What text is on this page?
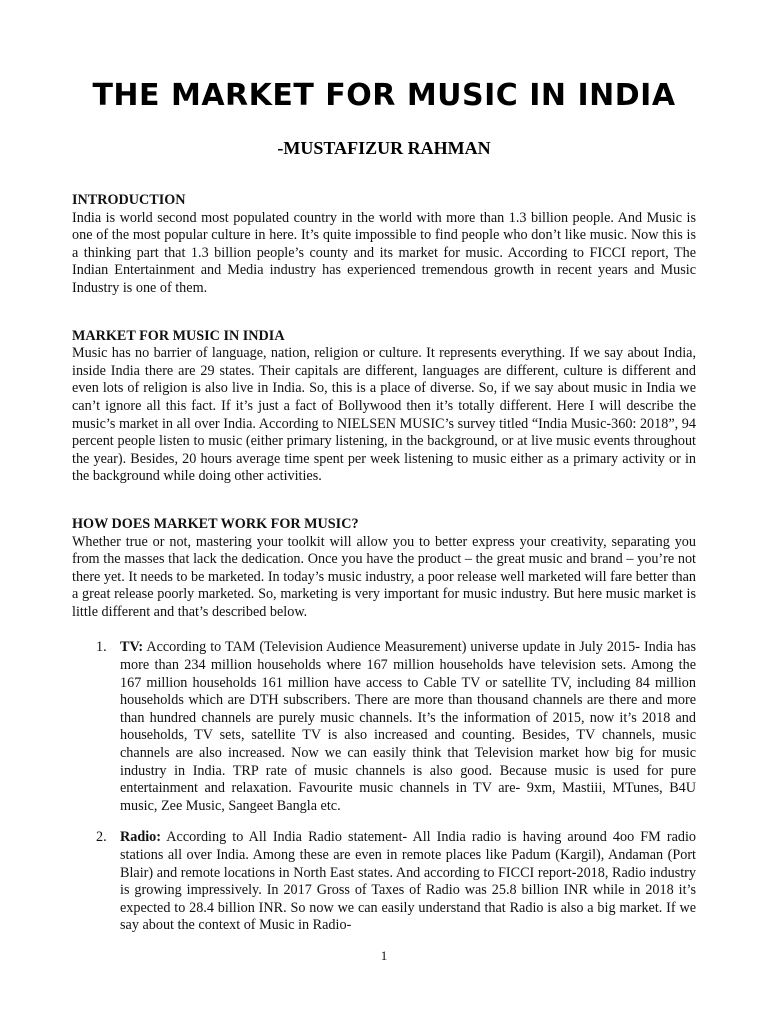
THE MARKET FOR MUSIC IN INDIA
-MUSTAFIZUR RAHMAN

INTRODUCTION

India is world second most populated country in the world with more than 1.3 billion people. And Music is one of the most popular culture in here. It’s quite impossible to find people who don’t like music. Now this is a thinking part that 1.3 billion people’s county and its market for music. According to FICCI report, The Indian Entertainment and Media industry has experienced tremendous growth in recent years and Music Industry is one of them.

MARKET FOR MUSIC IN INDIA

Music has no barrier of language, nation, religion or culture. It represents everything. If we say about India, inside India there are 29 states. Their capitals are different, languages are different, culture is different and even lots of religion is also live in India. So, this is a place of diverse. So, if we say about music in India we can’t ignore all this fact. If it’s just a fact of Bollywood then it’s totally different. Here I will describe the music’s market in all over India. According to NIELSEN MUSIC’s survey titled “India Music-360: 2018”, 94 percent people listen to music (either primary listening, in the background, or at live music events throughout the year). Besides, 20 hours average time spent per week listening to music either as a primary activity or in the background while doing other activities.

HOW DOES MARKET WORK FOR MUSIC?

Whether true or not, mastering your toolkit will allow you to better express your creativity, separating you from the masses that lack the dedication. Once you have the product – the great music and brand – you’re not there yet. It needs to be marketed. In today’s music industry, a poor release well marketed will fare better than a great release poorly marketed. So, marketing is very important for music industry. But here music market is little different and that’s described below.

1. TV: According to TAM (Television Audience Measurement) universe update in July 2015- India has more than 234 million households where 167 million households have television sets. Among the 167 million households 161 million have access to Cable TV or satellite TV, including 84 million households which are DTH subscribers. There are more than thousand channels are there and more than hundred channels are purely music channels. It’s the information of 2015, now it’s 2018 and households, TV sets, satellite TV is also increased and counting. Besides, TV channels, music channels are also increased. Now we can easily think that Television market how big for music industry in India. TRP rate of music channels is also good. Because music is used for pure entertainment and relaxation. Favourite music channels in TV are- 9xm, Mastiii, MTunes, B4U music, Zee Music, Sangeet Bangla etc.
2. Radio: According to All India Radio statement- All India radio is having around 4oo FM radio stations all over India. Among these are even in remote places like Padum (Kargil), Andaman (Port Blair) and remote locations in North East states. And according to FICCI report-2018, Radio industry is growing impressively. In 2017 Gross of Taxes of Radio was 25.8 billion INR while in 2018 it’s expected to 28.4 billion INR. So now we can easily understand that Radio is also a big market. If we say about the context of Music in Radio-
1
